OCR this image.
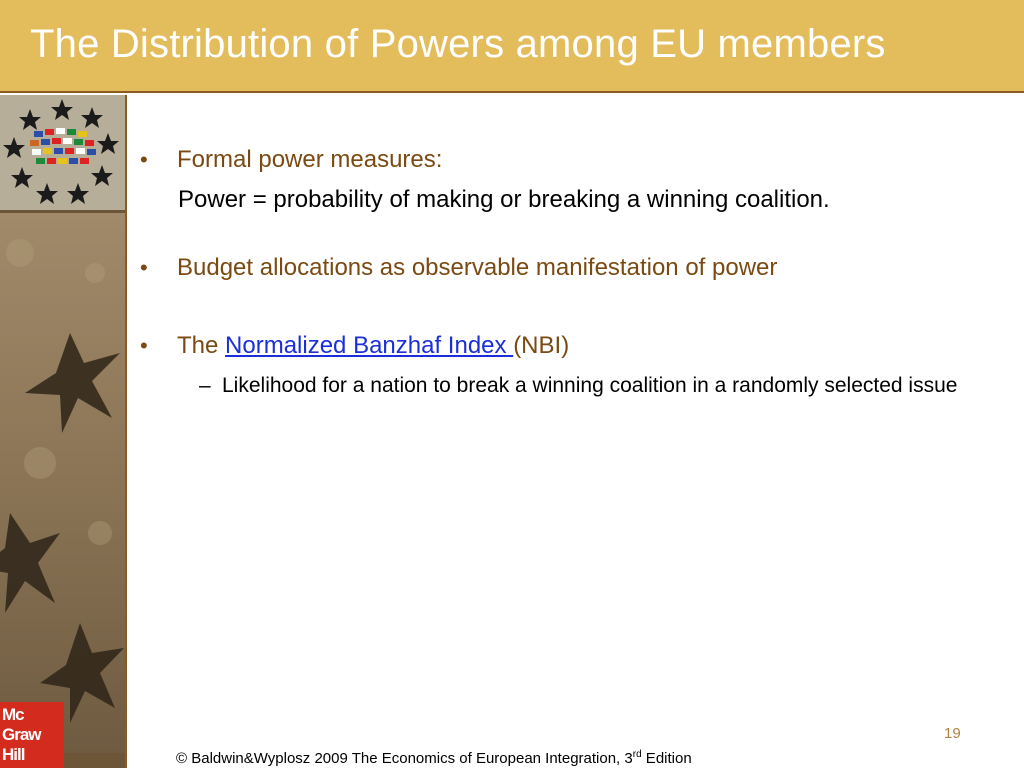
The Distribution of Powers among EU members
Mc
Graw
Hill
• Formal power measures:
Power = probability of making or breaking a winning coalition.
• Budget allocations as observable manifestation of power
• The Normalized Banzhaf Index (NBI)
– Likelihood for a nation to break a winning coalition in a randomly selected issue
19
© Baldwin&Wyplosz 2009 The Economics of European Integration, 3rd Edition
